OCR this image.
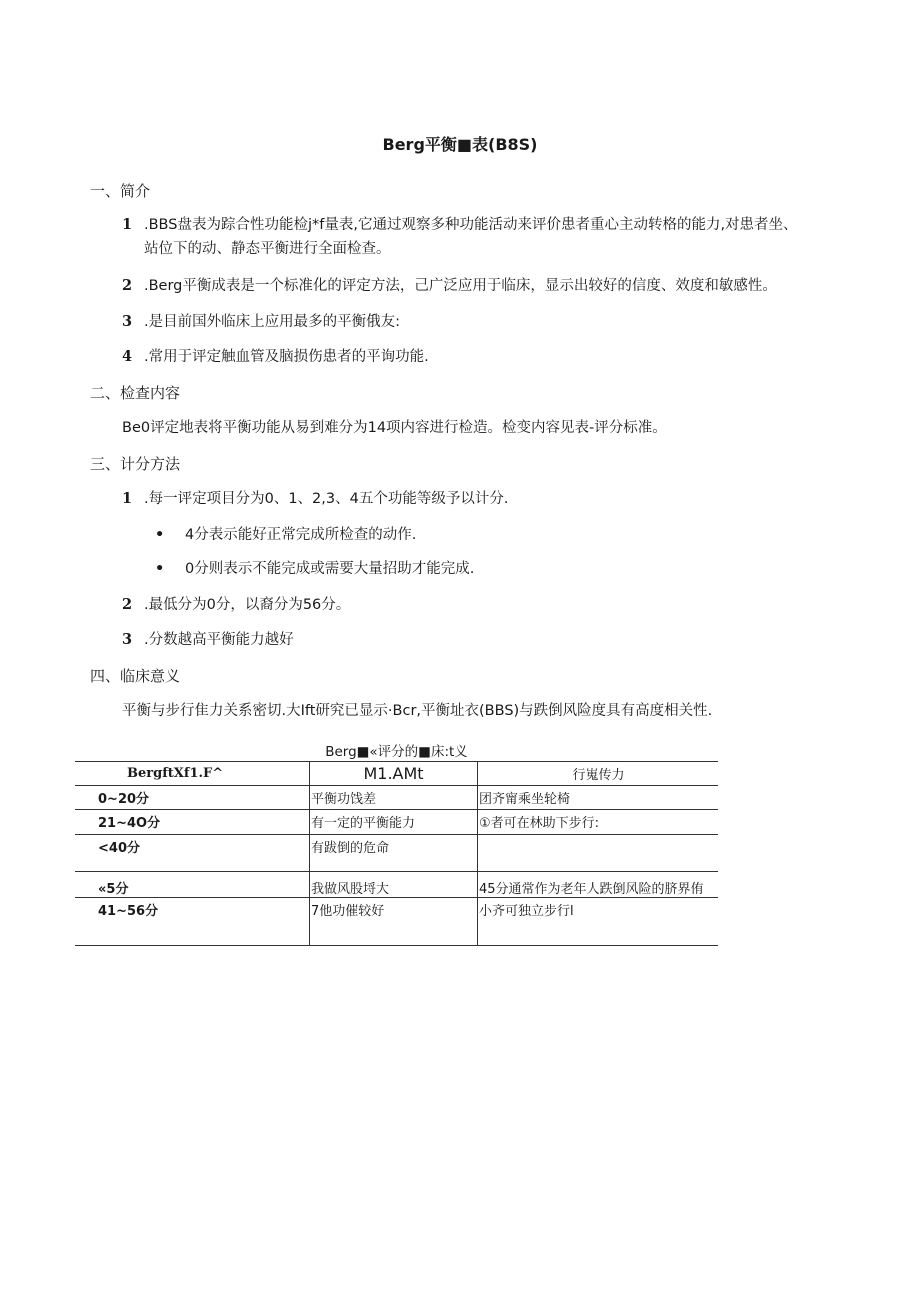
Berg平衡■表(B8S)
一、简介
1 .BBS盘表为踪合性功能检j*f量表,它通过观察多种功能活动来评价患者重心主动转格的能力,对患者坐、
站位下的动、静态平衡进行全面检查。
2 .Berg平衡成表是一个标准化的评定方法，己广泛应用于临床，显示出较好的信度、效度和敏感性。
3 .是目前国外临床上应用最多的平衡俄友:
4 .常用于评定触血管及脑损伤患者的平询功能.
二、检查内容
Be0评定地表将平衡功能从易到难分为14项内容进行检造。检变内容见表-评分标准。
三、计分方法
1 .每一评定项目分为0、1、2,3、4五个功能等级予以计分.
• 4分表示能好正常完成所检查的动作.
• 0分则表示不能完成或需要大量招助才能完成.
2 .最低分为0分，以裔分为56分。
3 .分数越高平衡能力越好
四、临床意义
平衡与步行隹力关系密切.大Ift研究已显示·Bcr,平衡址衣(BBS)与跌倒风险度具有高度相关性.
Berg■«评分的■床:t义
BergftXf1.F^	M1.AMt	行嵬传力
0~20分	平衡功饯差	团齐甯乘坐轮椅
21~4O分	有一定的平衡能力	①者可在林助下步行:
<40分	有跋倒的危命	
«5分	我做风股埒大	45分通常作为老年人跌倒风险的脐界侑
41~56分	7他功催较好	小齐可独立步行l
